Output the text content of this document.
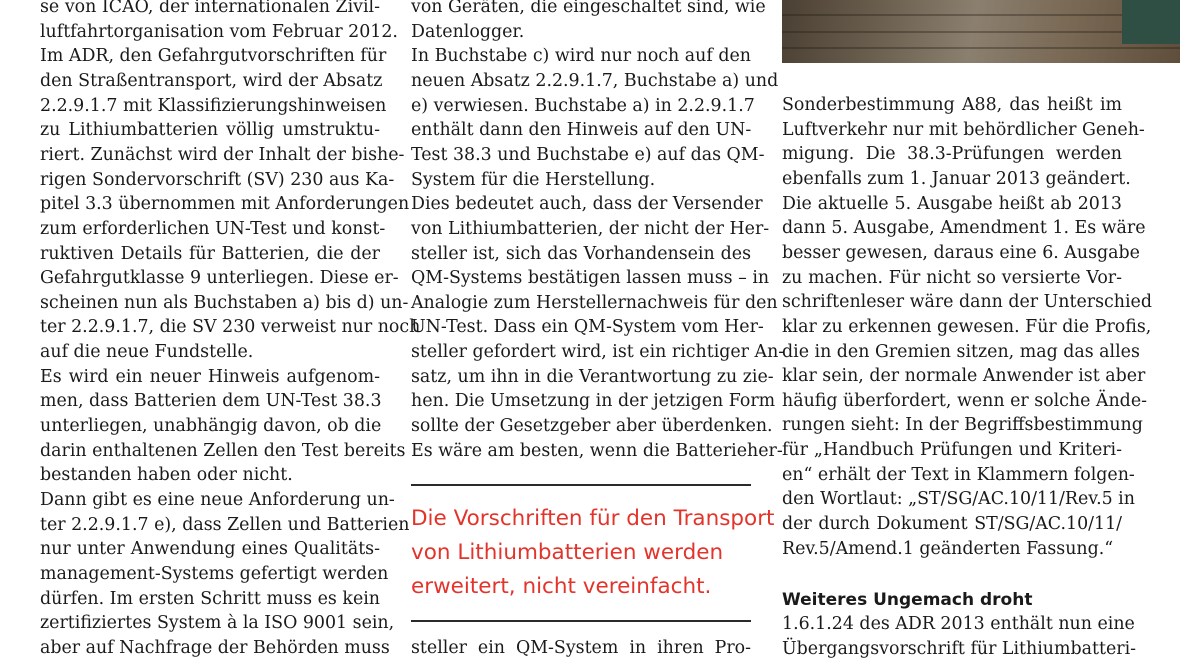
se von ICAO, der internationalen Zivil-
luftfahrtorganisation vom Februar 2012.
Im ADR, den Gefahrgutvorschriften für
den Straßentransport, wird der Absatz
2.2.9.1.7 mit Klassifizierungshinweisen
zu Lithiumbatterien völlig umstruktu-
riert. Zunächst wird der Inhalt der bishe-
rigen Sondervorschrift (SV) 230 aus Ka-
pitel 3.3 übernommen mit Anforderungen
zum erforderlichen UN-Test und konst-
ruktiven Details für Batterien, die der
Gefahrgutklasse 9 unterliegen. Diese er-
scheinen nun als Buchstaben a) bis d) un-
ter 2.2.9.1.7, die SV 230 verweist nur noch
auf die neue Fundstelle.
Es wird ein neuer Hinweis aufgenom-
men, dass Batterien dem UN-Test 38.3
unterliegen, unabhängig davon, ob die
darin enthaltenen Zellen den Test bereits
bestanden haben oder nicht.
Dann gibt es eine neue Anforderung un-
ter 2.2.9.1.7 e), dass Zellen und Batterien
nur unter Anwendung eines Qualitäts-
management-Systems gefertigt werden
dürfen. Im ersten Schritt muss es kein
zertifiziertes System à la ISO 9001 sein,
aber auf Nachfrage der Behörden muss
von Geräten, die eingeschaltet sind, wie
Datenlogger.
In Buchstabe c) wird nur noch auf den
neuen Absatz 2.2.9.1.7, Buchstabe a) und
e) verwiesen. Buchstabe a) in 2.2.9.1.7
enthält dann den Hinweis auf den UN-
Test 38.3 und Buchstabe e) auf das QM-
System für die Herstellung.
Dies bedeutet auch, dass der Versender
von Lithiumbatterien, der nicht der Her-
steller ist, sich das Vorhandensein des
QM-Systems bestätigen lassen muss – in
Analogie zum Herstellernachweis für den
UN-Test. Dass ein QM-System vom Her-
steller gefordert wird, ist ein richtiger An-
satz, um ihn in die Verantwortung zu zie-
hen. Die Umsetzung in der jetzigen Form
sollte der Gesetzgeber aber überdenken.
Es wäre am besten, wenn die Batterieher-
Die Vorschriften für den Transport
von Lithiumbatterien werden
erweitert, nicht vereinfacht.
steller ein QM-System in ihren Pro-
Sonderbestimmung A88, das heißt im
Luftverkehr nur mit behördlicher Geneh-
migung. Die 38.3-Prüfungen werden
ebenfalls zum 1. Januar 2013 geändert.
Die aktuelle 5. Ausgabe heißt ab 2013
dann 5. Ausgabe, Amendment 1. Es wäre
besser gewesen, daraus eine 6. Ausgabe
zu machen. Für nicht so versierte Vor-
schriftenleser wäre dann der Unterschied
klar zu erkennen gewesen. Für die Profis,
die in den Gremien sitzen, mag das alles
klar sein, der normale Anwender ist aber
häufig überfordert, wenn er solche Ände-
rungen sieht: In der Begriffsbestimmung
für „Handbuch Prüfungen und Kriteri-
en“ erhält der Text in Klammern folgen-
den Wortlaut: „ST/SG/AC.10/11/Rev.5 in
der durch Dokument ST/SG/AC.10/11/
Rev.5/Amend.1 geänderten Fassung.“
Weiteres Ungemach droht
1.6.1.24 des ADR 2013 enthält nun eine
Übergangsvorschrift für Lithiumbatteri-
